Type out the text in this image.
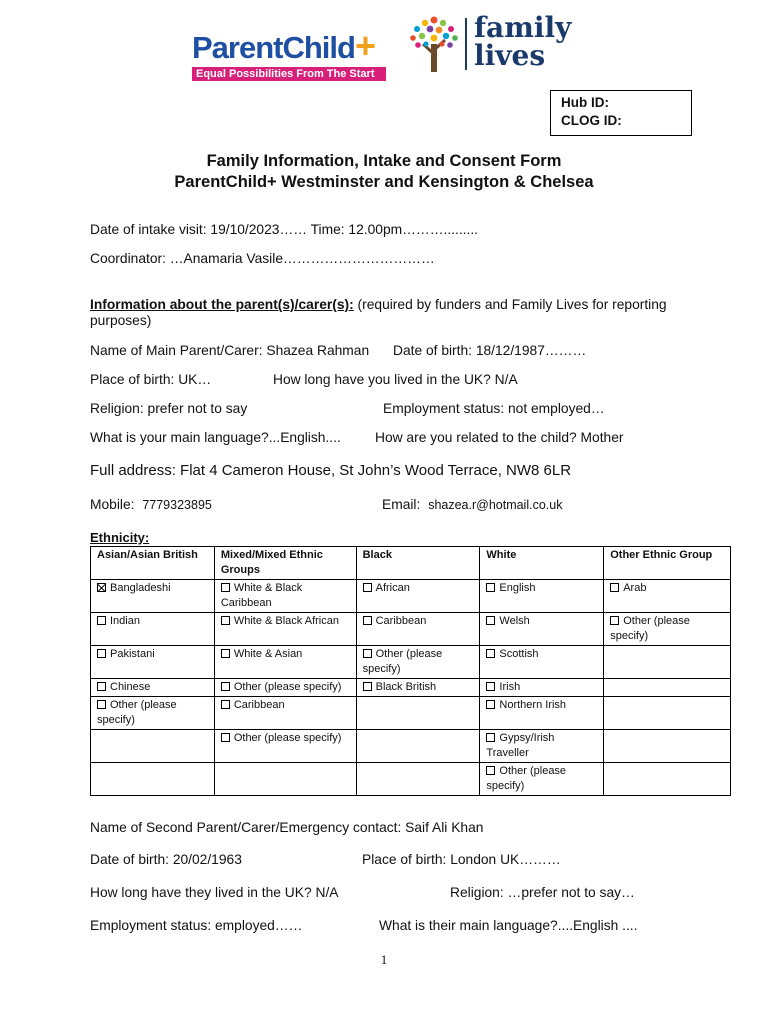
ParentChild+
Equal Possibilities From The Start
family
lives
Hub ID:
CLOG ID:
Family Information, Intake and Consent Form
ParentChild+ Westminster and Kensington & Chelsea
Date of intake visit: 19/10/2023…… Time: 12.00pm……….........
Coordinator: …Anamaria Vasile……………………………
Information about the parent(s)/carer(s): (required by funders and Family Lives for reporting
purposes)
Name of Main Parent/Carer: Shazea Rahman Date of birth: 18/12/1987………
Place of birth: UK…	How long have you lived in the UK? N/A
Religion: prefer not to say	Employment status: not employed…
What is your main language?...English.... How are you related to the child? Mother
Full address: Flat 4 Cameron House, St John’s Wood Terrace, NW8 6LR
Mobile: 7779323895	Email: shazea.r@hotmail.co.uk
Ethnicity:
Asian/Asian British	Mixed/Mixed Ethnic Groups	Black	White	Other Ethnic Group
Bangladeshi	White & Black Caribbean	African	English	Arab
Indian	White & Black African	Caribbean	Welsh	Other (please specify)
Pakistani	White & Asian	Other (please specify)	Scottish	
Chinese	Other (please specify)	Black British	Irish	
Other (please specify)	Caribbean		Northern Irish	
	Other (please specify)		Gypsy/Irish Traveller	
			Other (please specify)	
Name of Second Parent/Carer/Emergency contact: Saif Ali Khan
Date of birth: 20/02/1963	Place of birth: London UK………
How long have they lived in the UK? N/A	Religion: …prefer not to say…
Employment status: employed……	What is their main language?....English ....
1
